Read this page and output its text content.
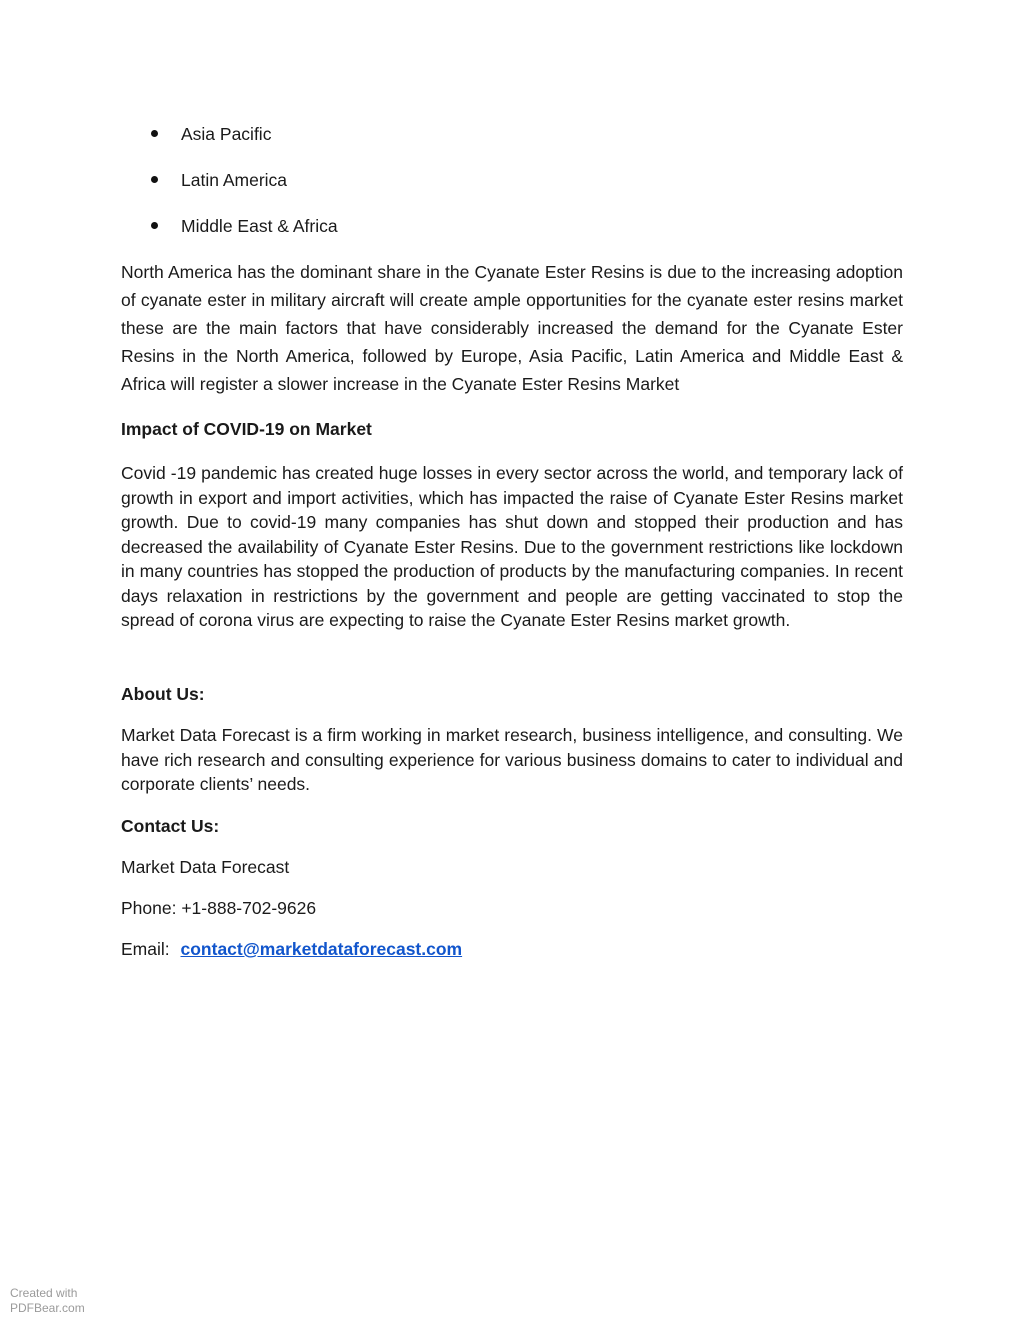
Asia Pacific
Latin America
Middle East & Africa

North America has the dominant share in the Cyanate Ester Resins is due to the increasing adoption of cyanate ester in military aircraft will create ample opportunities for the cyanate ester resins market these are the main factors that have considerably increased the demand for the Cyanate Ester Resins in the North America, followed by Europe, Asia Pacific, Latin America and Middle East & Africa will register a slower increase in the Cyanate Ester Resins Market

Impact of COVID-19 on Market

Covid -19 pandemic has created huge losses in every sector across the world, and temporary lack of growth in export and import activities, which has impacted the raise of Cyanate Ester Resins market growth. Due to covid-19 many companies has shut down and stopped their production and has decreased the availability of Cyanate Ester Resins. Due to the government restrictions like lockdown in many countries has stopped the production of products by the manufacturing companies. In recent days relaxation in restrictions by the government and people are getting vaccinated to stop the spread of corona virus are expecting to raise the Cyanate Ester Resins market growth.

About Us:

Market Data Forecast is a firm working in market research, business intelligence, and consulting. We have rich research and consulting experience for various business domains to cater to individual and corporate clients’ needs.

Contact Us:

Market Data Forecast

Phone: +1-888-702-9626

Email: contact@marketdataforecast.com

Created with
PDFBear.com
